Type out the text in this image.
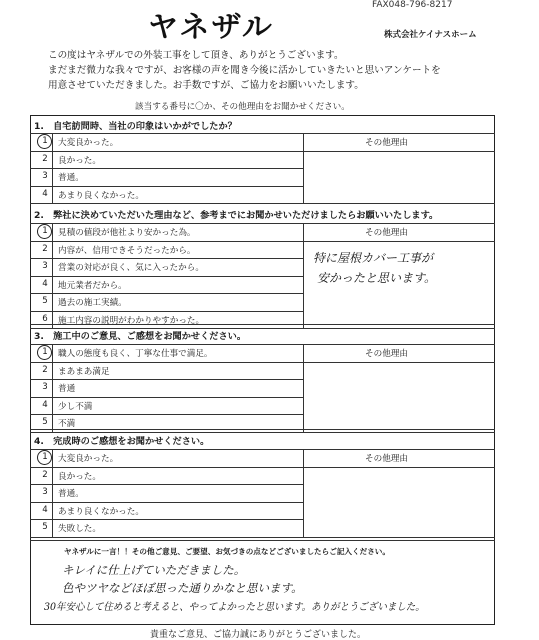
ヤネザル
FAX048-796-8217
株式会社ケイナスホーム
この度はヤネザルでの外装工事をして頂き、ありがとうございます。
まだまだ微力な我々ですが、お客様の声を聞き今後に活かしていきたいと思いアンケートを
用意させていただきました。お手数ですが、ご協力をお願いいたします。
該当する番号に〇か、その他理由をお聞かせください。
1.　自宅訪問時、当社の印象はいかがでしたか？
その他理由
1	大変良かった。
2	良かった。
3	普通。
4	あまり良くなかった。
2.　弊社に決めていただいた理由など、参考までにお聞かせいただけましたらお願いいたします。
その他理由
1	見積の値段が他社より安かった為。
2	内容が、信用できそうだったから。
3	営業の対応が良く、気に入ったから。
4	地元業者だから。
5	過去の施工実績。
6	施工内容の説明がわかりやすかった。
特に屋根カバー工事が
安かったと思います。
3.　施工中のご意見、ご感想をお聞かせください。
その他理由
1	職人の態度も良く、丁寧な仕事で満足。
2	まあまあ満足
3	普通
4	少し不満
5	不満
4.　完成時のご感想をお聞かせください。
その他理由
1	大変良かった。
2	良かった。
3	普通。
4	あまり良くなかった。
5	失敗した。
ヤネザルに一言！！その他ご意見、ご要望、お気づきの点などございましたらご記入ください。
キレイに仕上げていただきました。
色やツヤなどほぼ思った通りかなと思います。
30年安心して住めると考えると、やってよかったと思います。ありがとうございました。
貴重なご意見、ご協力誠にありがとうございました。
